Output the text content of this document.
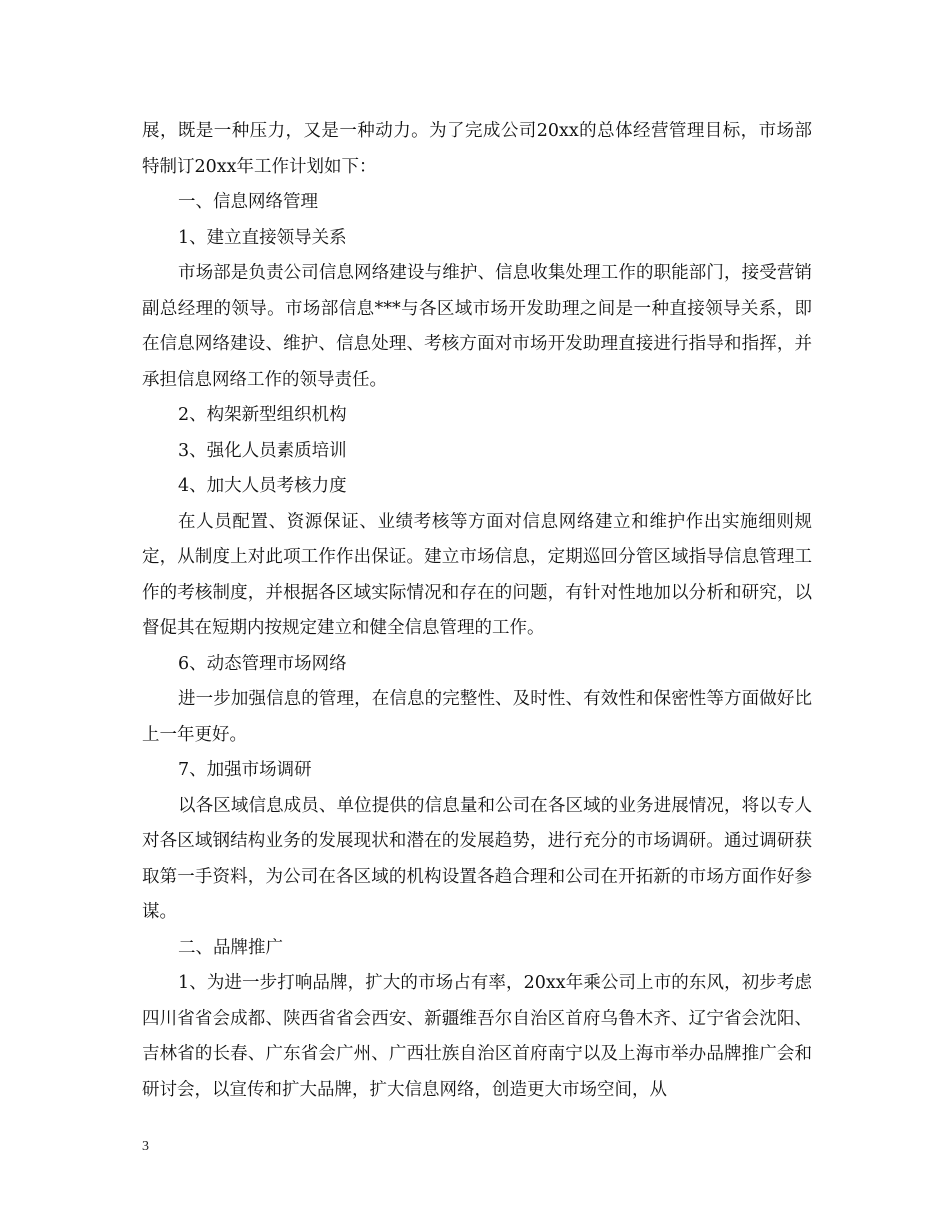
展，既是一种压力，又是一种动力。为了完成公司20xx的总体经营管理目标，市场部特制订20xx年工作计划如下：

一、信息网络管理

1、建立直接领导关系

市场部是负责公司信息网络建设与维护、信息收集处理工作的职能部门，接受营销副总经理的领导。市场部信息***与各区域市场开发助理之间是一种直接领导关系，即在信息网络建设、维护、信息处理、考核方面对市场开发助理直接进行指导和指挥，并承担信息网络工作的领导责任。

2、构架新型组织机构

3、强化人员素质培训

4、加大人员考核力度

在人员配置、资源保证、业绩考核等方面对信息网络建立和维护作出实施细则规定，从制度上对此项工作作出保证。建立市场信息，定期巡回分管区域指导信息管理工作的考核制度，并根据各区域实际情况和存在的问题，有针对性地加以分析和研究，以督促其在短期内按规定建立和健全信息管理的工作。

6、动态管理市场网络

进一步加强信息的管理，在信息的完整性、及时性、有效性和保密性等方面做好比上一年更好。

7、加强市场调研

以各区域信息成员、单位提供的信息量和公司在各区域的业务进展情况，将以专人对各区域钢结构业务的发展现状和潜在的发展趋势，进行充分的市场调研。通过调研获取第一手资料，为公司在各区域的机构设置各趋合理和公司在开拓新的市场方面作好参谋。

二、品牌推广

1、为进一步打响品牌，扩大的市场占有率，20xx年乘公司上市的东风，初步考虑四川省省会成都、陕西省省会西安、新疆维吾尔自治区首府乌鲁木齐、辽宁省会沈阳、吉林省的长春、广东省会广州、广西壮族自治区首府南宁以及上海市举办品牌推广会和研讨会，以宣传和扩大品牌，扩大信息网络，创造更大市场空间，从

3
